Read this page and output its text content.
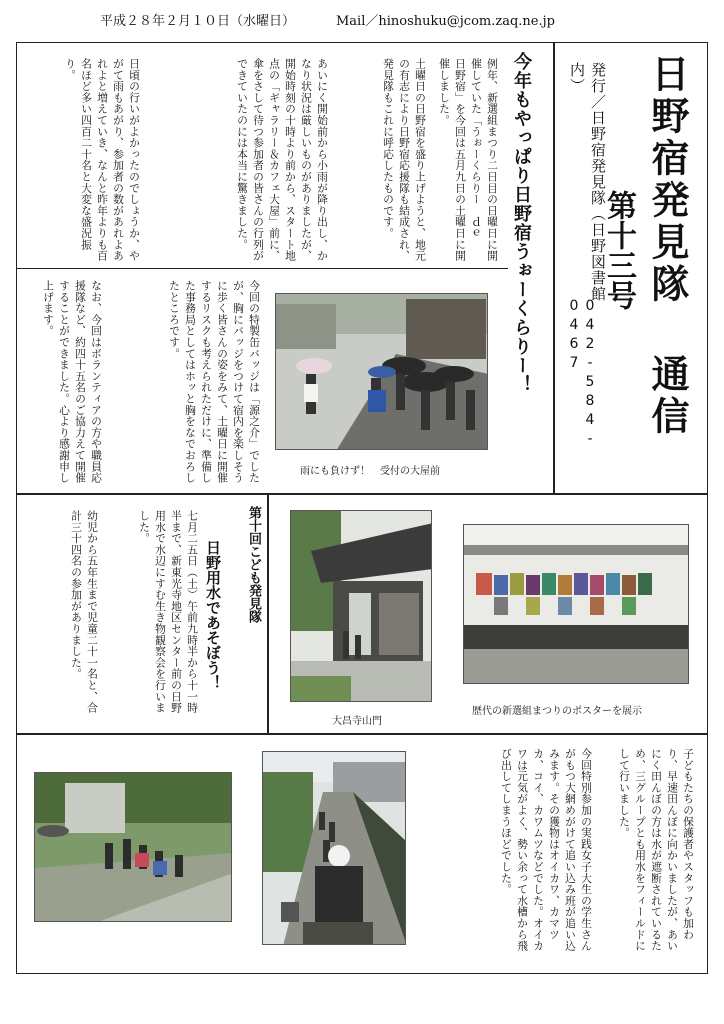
平成２８年２月１０日（水曜日）	Mail／hinoshuku@jcom.zaq.ne.jp
日野宿発見隊 通信
第十三号
発行／日野宿発見隊（日野図書館内）
042-584-0467
今年もやっぱり日野宿うぉーくらりー！
例年、新選組まつり二日目の日曜日に開催していた「うぉーくらりー　ｄｅ 日野宿」を今回は五月九日の土曜日に開催しました。
土曜日の日野宿を盛り上げようと、地元の有志により日野宿応援隊も結成され、発見隊もこれに呼応したものです。
あいにく開始前から小雨が降り出し、かなり状況は厳しいものがありましたが、開始時刻の十時より前から、スタート地点の「ギャラリー＆カフェ大屋」前に、傘をさして待つ参加者の皆さんの行列ができていたのには本当に驚きました。
日頃の行いがよかったのでしょうか、やがて雨もあがり、参加者の数があれよあれよと増えていき、なんと昨年よりも百名ほど多い四百二十名と大変な盛況振り。
今回の特製缶バッジは「源之介」でしたが、胸にバッジをつけて宿内を楽しそうに歩く皆さんの姿をみて、土曜日に開催するリスクも考えられただけに、準備した事務局としてはホッと胸をなでおろしたところです。
なお、今回はボランティアの方や職員応援隊など、約四十五名のご協力えて開催することができました。心より感謝申し上げます。
雨にも負けず！　受付の大屋前
第十回こども発見隊
日野用水であそぼう！
七月二五日（土）午前九時半から十一時半まで、新東光寺地区センター前の日野用水で水辺にすむ生き物観察会を行いました。
幼児から五年生まで児童二十一名と、合計三十四名の参加がありました。
大昌寺山門
歴代の新選組まつりのポスターを展示
子どもたちの保護者やスタッフも加わり、早速田んぼに向かいましたが、あいにく田んぼの方は水が遮断されているため、三グループとも用水をフィールドにして行いました。
今回特別参加の実践女子大生の学生さんがもつ大網めがけて追い込み班が追い込みます。その獲物はオイカワ、カマツカ、コイ、カワムツなどでした。オイカワは元気がよく、勢い余って水槽から飛び出してしまうほどでした。
